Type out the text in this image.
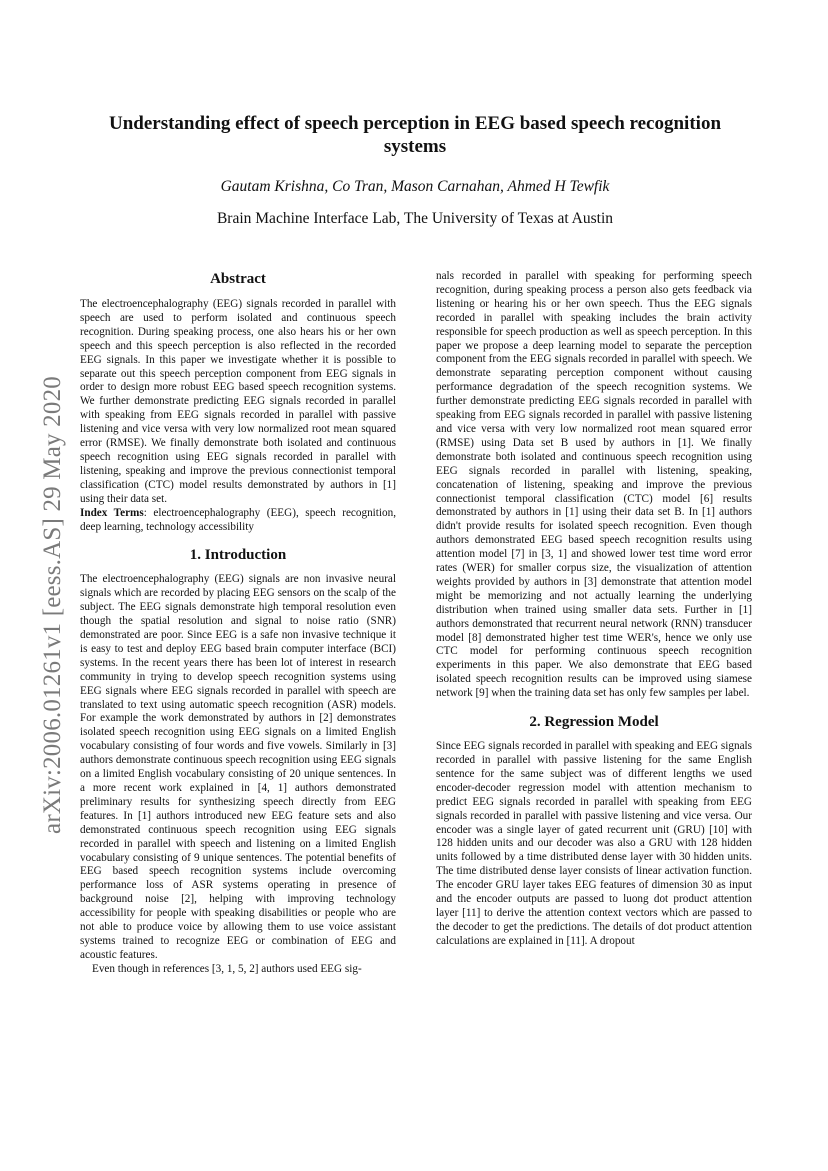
arXiv:2006.01261v1 [eess.AS] 29 May 2020
Understanding effect of speech perception in EEG based speech recognition systems
Gautam Krishna, Co Tran, Mason Carnahan, Ahmed H Tewfik
Brain Machine Interface Lab, The University of Texas at Austin
Abstract

The electroencephalography (EEG) signals recorded in parallel with speech are used to perform isolated and continuous speech recognition. During speaking process, one also hears his or her own speech and this speech perception is also reflected in the recorded EEG signals. In this paper we investigate whether it is possible to separate out this speech perception component from EEG signals in order to design more robust EEG based speech recognition systems. We further demonstrate predicting EEG signals recorded in parallel with speaking from EEG signals recorded in parallel with passive listening and vice versa with very low normalized root mean squared error (RMSE). We finally demonstrate both isolated and continuous speech recognition using EEG signals recorded in parallel with listening, speaking and improve the previous connectionist temporal classification (CTC) model results demonstrated by authors in [1] using their data set.

Index Terms: electroencephalography (EEG), speech recognition, deep learning, technology accessibility

1. Introduction

The electroencephalography (EEG) signals are non invasive neural signals which are recorded by placing EEG sensors on the scalp of the subject. The EEG signals demonstrate high temporal resolution even though the spatial resolution and signal to noise ratio (SNR) demonstrated are poor. Since EEG is a safe non invasive technique it is easy to test and deploy EEG based brain computer interface (BCI) systems. In the recent years there has been lot of interest in research community in trying to develop speech recognition systems using EEG signals where EEG signals recorded in parallel with speech are translated to text using automatic speech recognition (ASR) models. For example the work demonstrated by authors in [2] demonstrates isolated speech recognition using EEG signals on a limited English vocabulary consisting of four words and five vowels. Similarly in [3] authors demonstrate continuous speech recognition using EEG signals on a limited English vocabulary consisting of 20 unique sentences. In a more recent work explained in [4, 1] authors demonstrated preliminary results for synthesizing speech directly from EEG features. In [1] authors introduced new EEG feature sets and also demonstrated continuous speech recognition using EEG signals recorded in parallel with speech and listening on a limited English vocabulary consisting of 9 unique sentences. The potential benefits of EEG based speech recognition systems include overcoming performance loss of ASR systems operating in presence of background noise [2], helping with improving technology accessibility for people with speaking disabilities or people who are not able to produce voice by allowing them to use voice assistant systems trained to recognize EEG or combination of EEG and acoustic features.

Even though in references [3, 1, 5, 2] authors used EEG sig-

nals recorded in parallel with speaking for performing speech recognition, during speaking process a person also gets feedback via listening or hearing his or her own speech. Thus the EEG signals recorded in parallel with speaking includes the brain activity responsible for speech production as well as speech perception. In this paper we propose a deep learning model to separate the perception component from the EEG signals recorded in parallel with speech. We demonstrate separating perception component without causing performance degradation of the speech recognition systems. We further demonstrate predicting EEG signals recorded in parallel with speaking from EEG signals recorded in parallel with passive listening and vice versa with very low normalized root mean squared error (RMSE) using Data set B used by authors in [1]. We finally demonstrate both isolated and continuous speech recognition using EEG signals recorded in parallel with listening, speaking, concatenation of listening, speaking and improve the previous connectionist temporal classification (CTC) model [6] results demonstrated by authors in [1] using their data set B. In [1] authors didn't provide results for isolated speech recognition. Even though authors demonstrated EEG based speech recognition results using attention model [7] in [3, 1] and showed lower test time word error rates (WER) for smaller corpus size, the visualization of attention weights provided by authors in [3] demonstrate that attention model might be memorizing and not actually learning the underlying distribution when trained using smaller data sets. Further in [1] authors demonstrated that recurrent neural network (RNN) transducer model [8] demonstrated higher test time WER's, hence we only use CTC model for performing continuous speech recognition experiments in this paper. We also demonstrate that EEG based isolated speech recognition results can be improved using siamese network [9] when the training data set has only few samples per label.

2. Regression Model

Since EEG signals recorded in parallel with speaking and EEG signals recorded in parallel with passive listening for the same English sentence for the same subject was of different lengths we used encoder-decoder regression model with attention mechanism to predict EEG signals recorded in parallel with speaking from EEG signals recorded in parallel with passive listening and vice versa. Our encoder was a single layer of gated recurrent unit (GRU) [10] with 128 hidden units and our decoder was also a GRU with 128 hidden units followed by a time distributed dense layer with 30 hidden units. The time distributed dense layer consists of linear activation function. The encoder GRU layer takes EEG features of dimension 30 as input and the encoder outputs are passed to luong dot product attention layer [11] to derive the attention context vectors which are passed to the decoder to get the predictions. The details of dot product attention calculations are explained in [11]. A dropout
